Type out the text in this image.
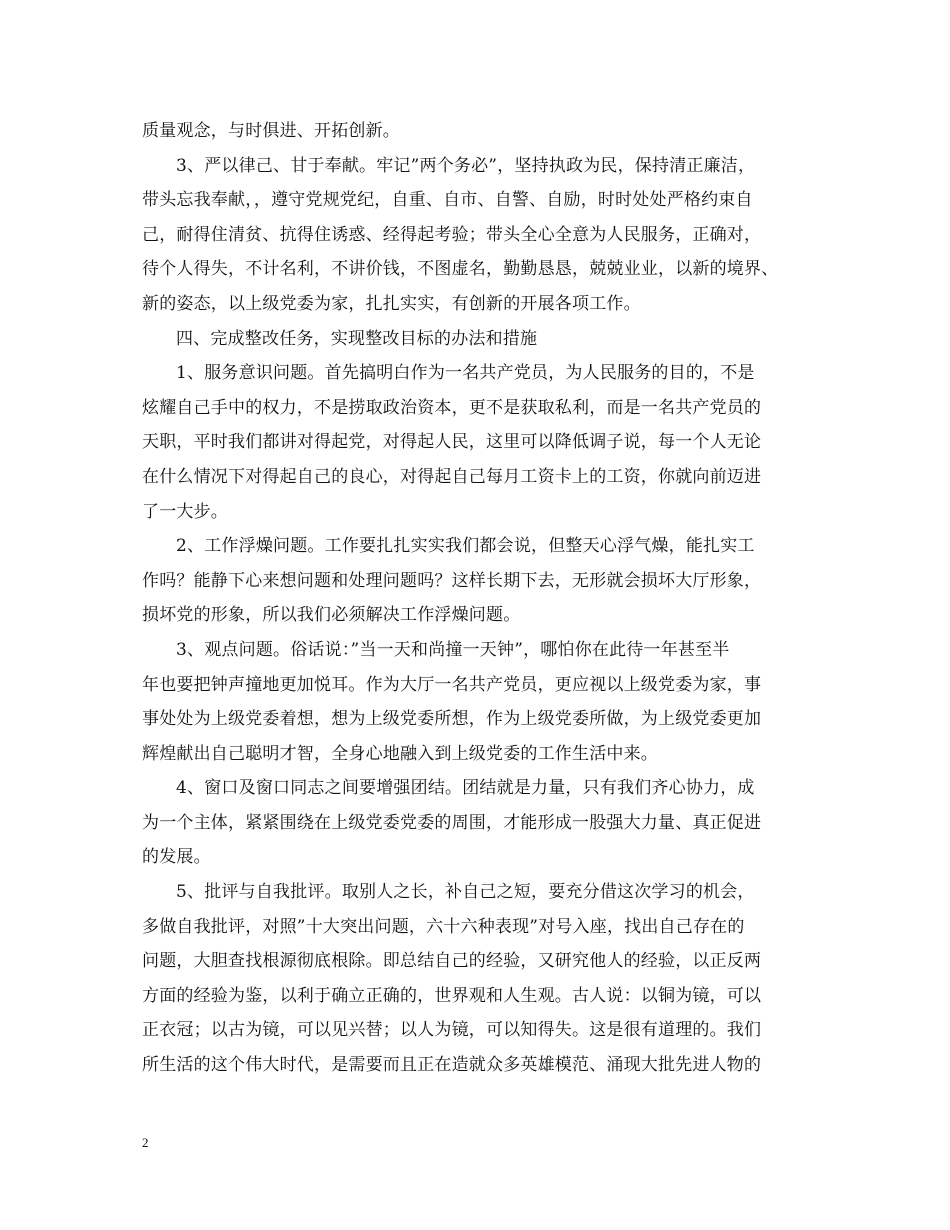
质量观念，与时俱进、开拓创新。
3、严以律己、甘于奉献。牢记”两个务必”，坚持执政为民，保持清正廉洁，
带头忘我奉献，，遵守党规党纪，自重、自市、自警、自励，时时处处严格约束自
己，耐得住清贫、抗得住诱惑、经得起考验；带头全心全意为人民服务，正确对，
待个人得失，不计名利，不讲价钱，不图虚名，勤勤恳恳，兢兢业业，以新的境界、
新的姿态，以上级党委为家，扎扎实实，有创新的开展各项工作。
四、完成整改任务，实现整改目标的办法和措施
1、服务意识问题。首先搞明白作为一名共产党员，为人民服务的目的，不是
炫耀自己手中的权力，不是捞取政治资本，更不是获取私利，而是一名共产党员的
天职，平时我们都讲对得起党，对得起人民，这里可以降低调子说，每一个人无论
在什么情况下对得起自己的良心，对得起自己每月工资卡上的工资，你就向前迈进
了一大步。
2、工作浮燥问题。工作要扎扎实实我们都会说，但整天心浮气燥，能扎实工
作吗？能静下心来想问题和处理问题吗？这样长期下去，无形就会损坏大厅形象，
损坏党的形象，所以我们必须解决工作浮燥问题。
3、观点问题。俗话说：”当一天和尚撞一天钟”，哪怕你在此待一年甚至半
年也要把钟声撞地更加悦耳。作为大厅一名共产党员，更应视以上级党委为家，事
事处处为上级党委着想，想为上级党委所想，作为上级党委所做，为上级党委更加
辉煌献出自己聪明才智，全身心地融入到上级党委的工作生活中来。
4、窗口及窗口同志之间要增强团结。团结就是力量，只有我们齐心协力，成
为一个主体，紧紧围绕在上级党委党委的周围，才能形成一股强大力量、真正促进
的发展。
5、批评与自我批评。取别人之长，补自己之短，要充分借这次学习的机会，
多做自我批评，对照”十大突出问题，六十六种表现”对号入座，找出自己存在的
问题，大胆查找根源彻底根除。即总结自己的经验，又研究他人的经验，以正反两
方面的经验为鉴，以利于确立正确的，世界观和人生观。古人说：以铜为镜，可以
正衣冠；以古为镜，可以见兴替；以人为镜，可以知得失。这是很有道理的。我们
所生活的这个伟大时代，是需要而且正在造就众多英雄模范、涌现大批先进人物的
2
